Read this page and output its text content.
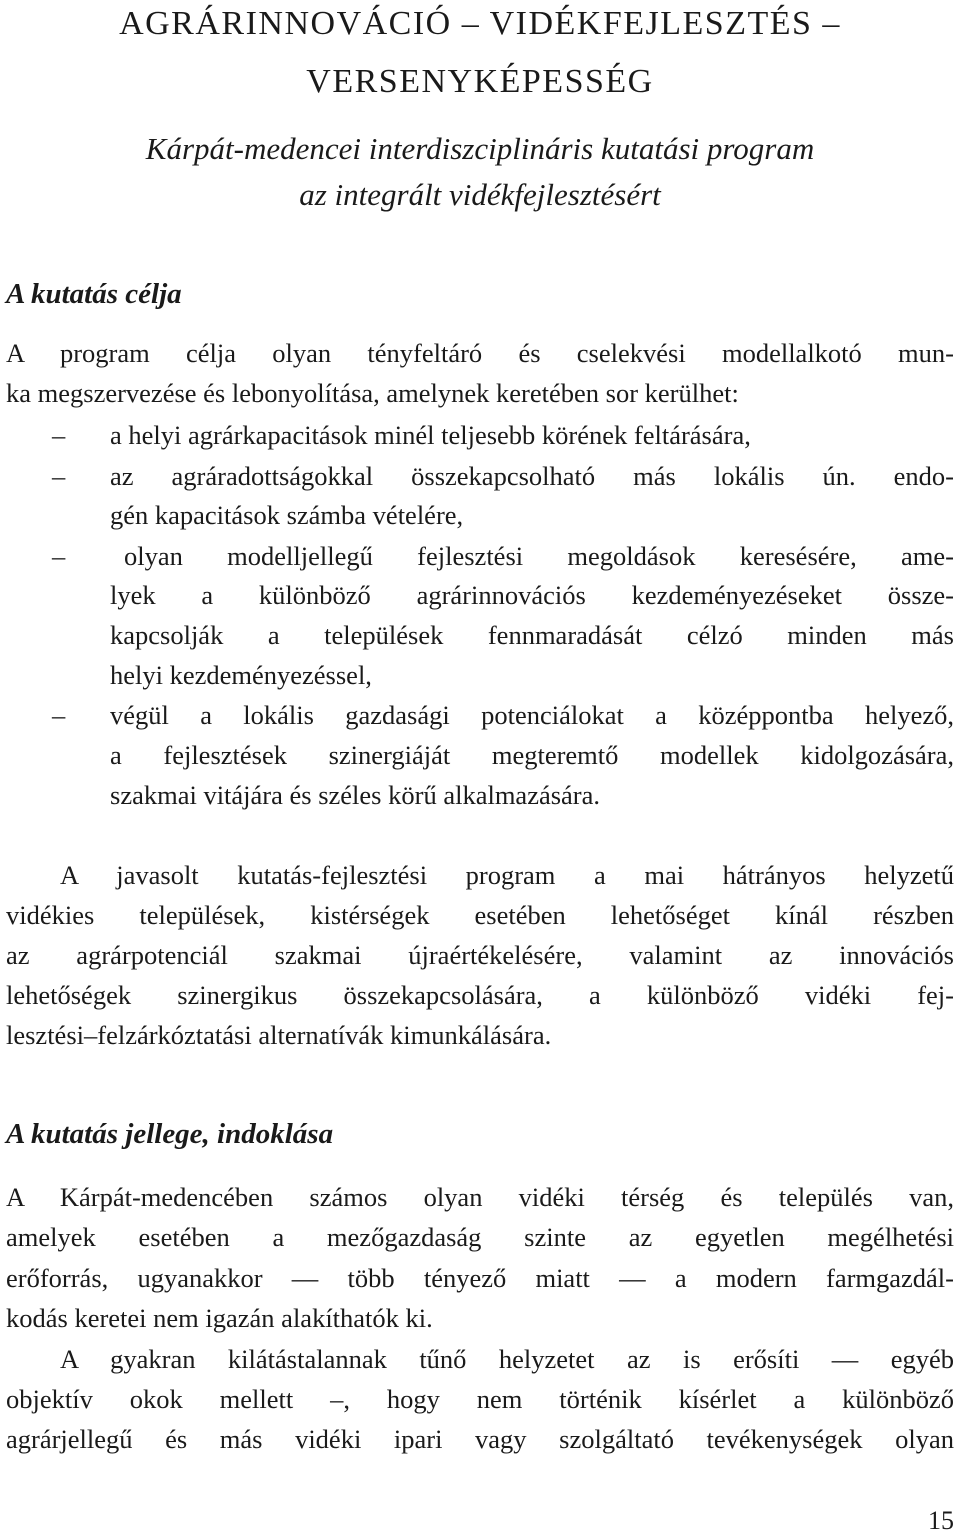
AGRÁRINNOVÁCIÓ – VIDÉKFEJLESZTÉS –
VERSENYKÉPESSÉG

Kárpát-medencei interdiszciplináris kutatási program

az integrált vidékfejlesztésért

A kutatás célja
A program célja olyan tényfeltáró és cselekvési modellalkotó mun-
ka megszervezése és lebonyolítása, amelynek keretében sor kerülhet:
– a helyi agrárkapacitások minél teljesebb körének feltárására,
– az agráradottságokkal összekapcsolható más lokális ún. endo-
gén kapacitások számba vételére,
– olyan modelljellegű fejlesztési megoldások keresésére, ame-
lyek a különböző agrárinnovációs kezdeményezéseket össze-
kapcsolják a települések fennmaradását célzó minden más
helyi kezdeményezéssel,
– végül a lokális gazdasági potenciálokat a középpontba helyező,
a fejlesztések szinergiáját megteremtő modellek kidolgozására,
szakmai vitájára és széles körű alkalmazására.
A javasolt kutatás-fejlesztési program a mai hátrányos helyzetű
vidékies települések, kistérségek esetében lehetőséget kínál részben
az agrárpotenciál szakmai újraértékelésére, valamint az innovációs
lehetőségek szinergikus összekapcsolására, a különböző vidéki fej-
lesztési–felzárkóztatási alternatívák kimunkálására.
A kutatás jellege, indoklása
A Kárpát-medencében számos olyan vidéki térség és település van,
amelyek esetében a mezőgazdaság szinte az egyetlen megélhetési
erőforrás, ugyanakkor — több tényező miatt — a modern farmgazdál-
kodás keretei nem igazán alakíthatók ki.
A gyakran kilátástalannak tűnő helyzetet az is erősíti — egyéb
objektív okok mellett –, hogy nem történik kísérlet a különböző
agrárjellegű és más vidéki ipari vagy szolgáltató tevékenységek olyan
15
